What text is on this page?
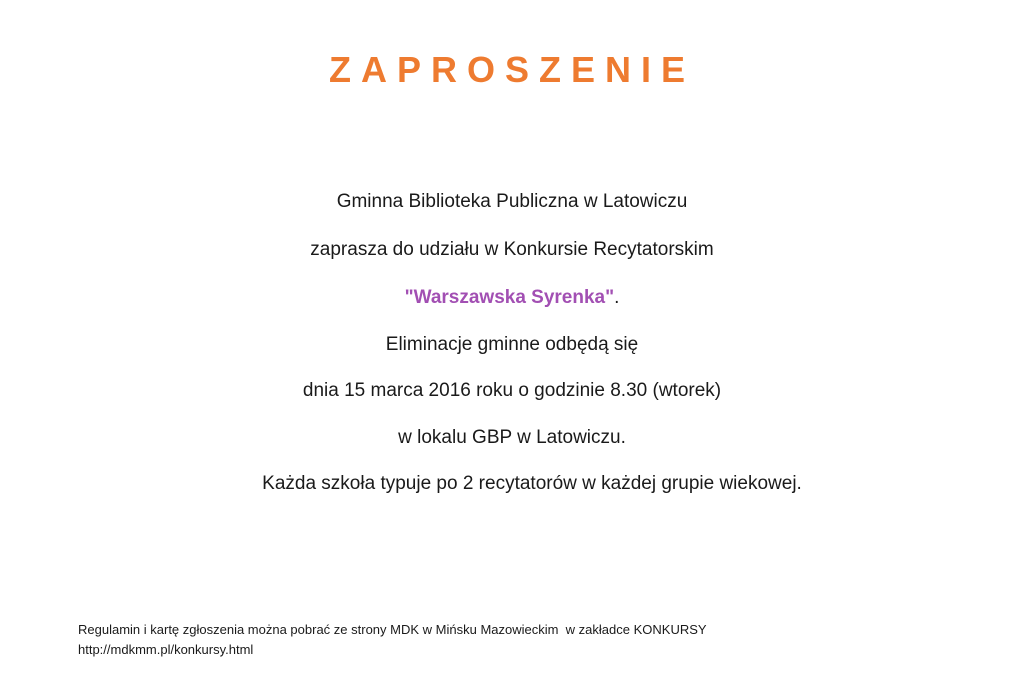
ZAPROSZENIE
Gminna Biblioteka Publiczna w Latowiczu
zaprasza do udziału w Konkursie Recytatorskim
"Warszawska Syrenka".
Eliminacje gminne odbędą się
dnia 15 marca 2016 roku o godzinie 8.30 (wtorek)
w lokalu GBP w Latowiczu.
Każda szkoła typuje po 2 recytatorów w każdej grupie wiekowej.
Regulamin i kartę zgłoszenia można pobrać ze strony MDK w Mińsku Mazowieckim  w zakładce KONKURSY
http://mdkmm.pl/konkursy.html
